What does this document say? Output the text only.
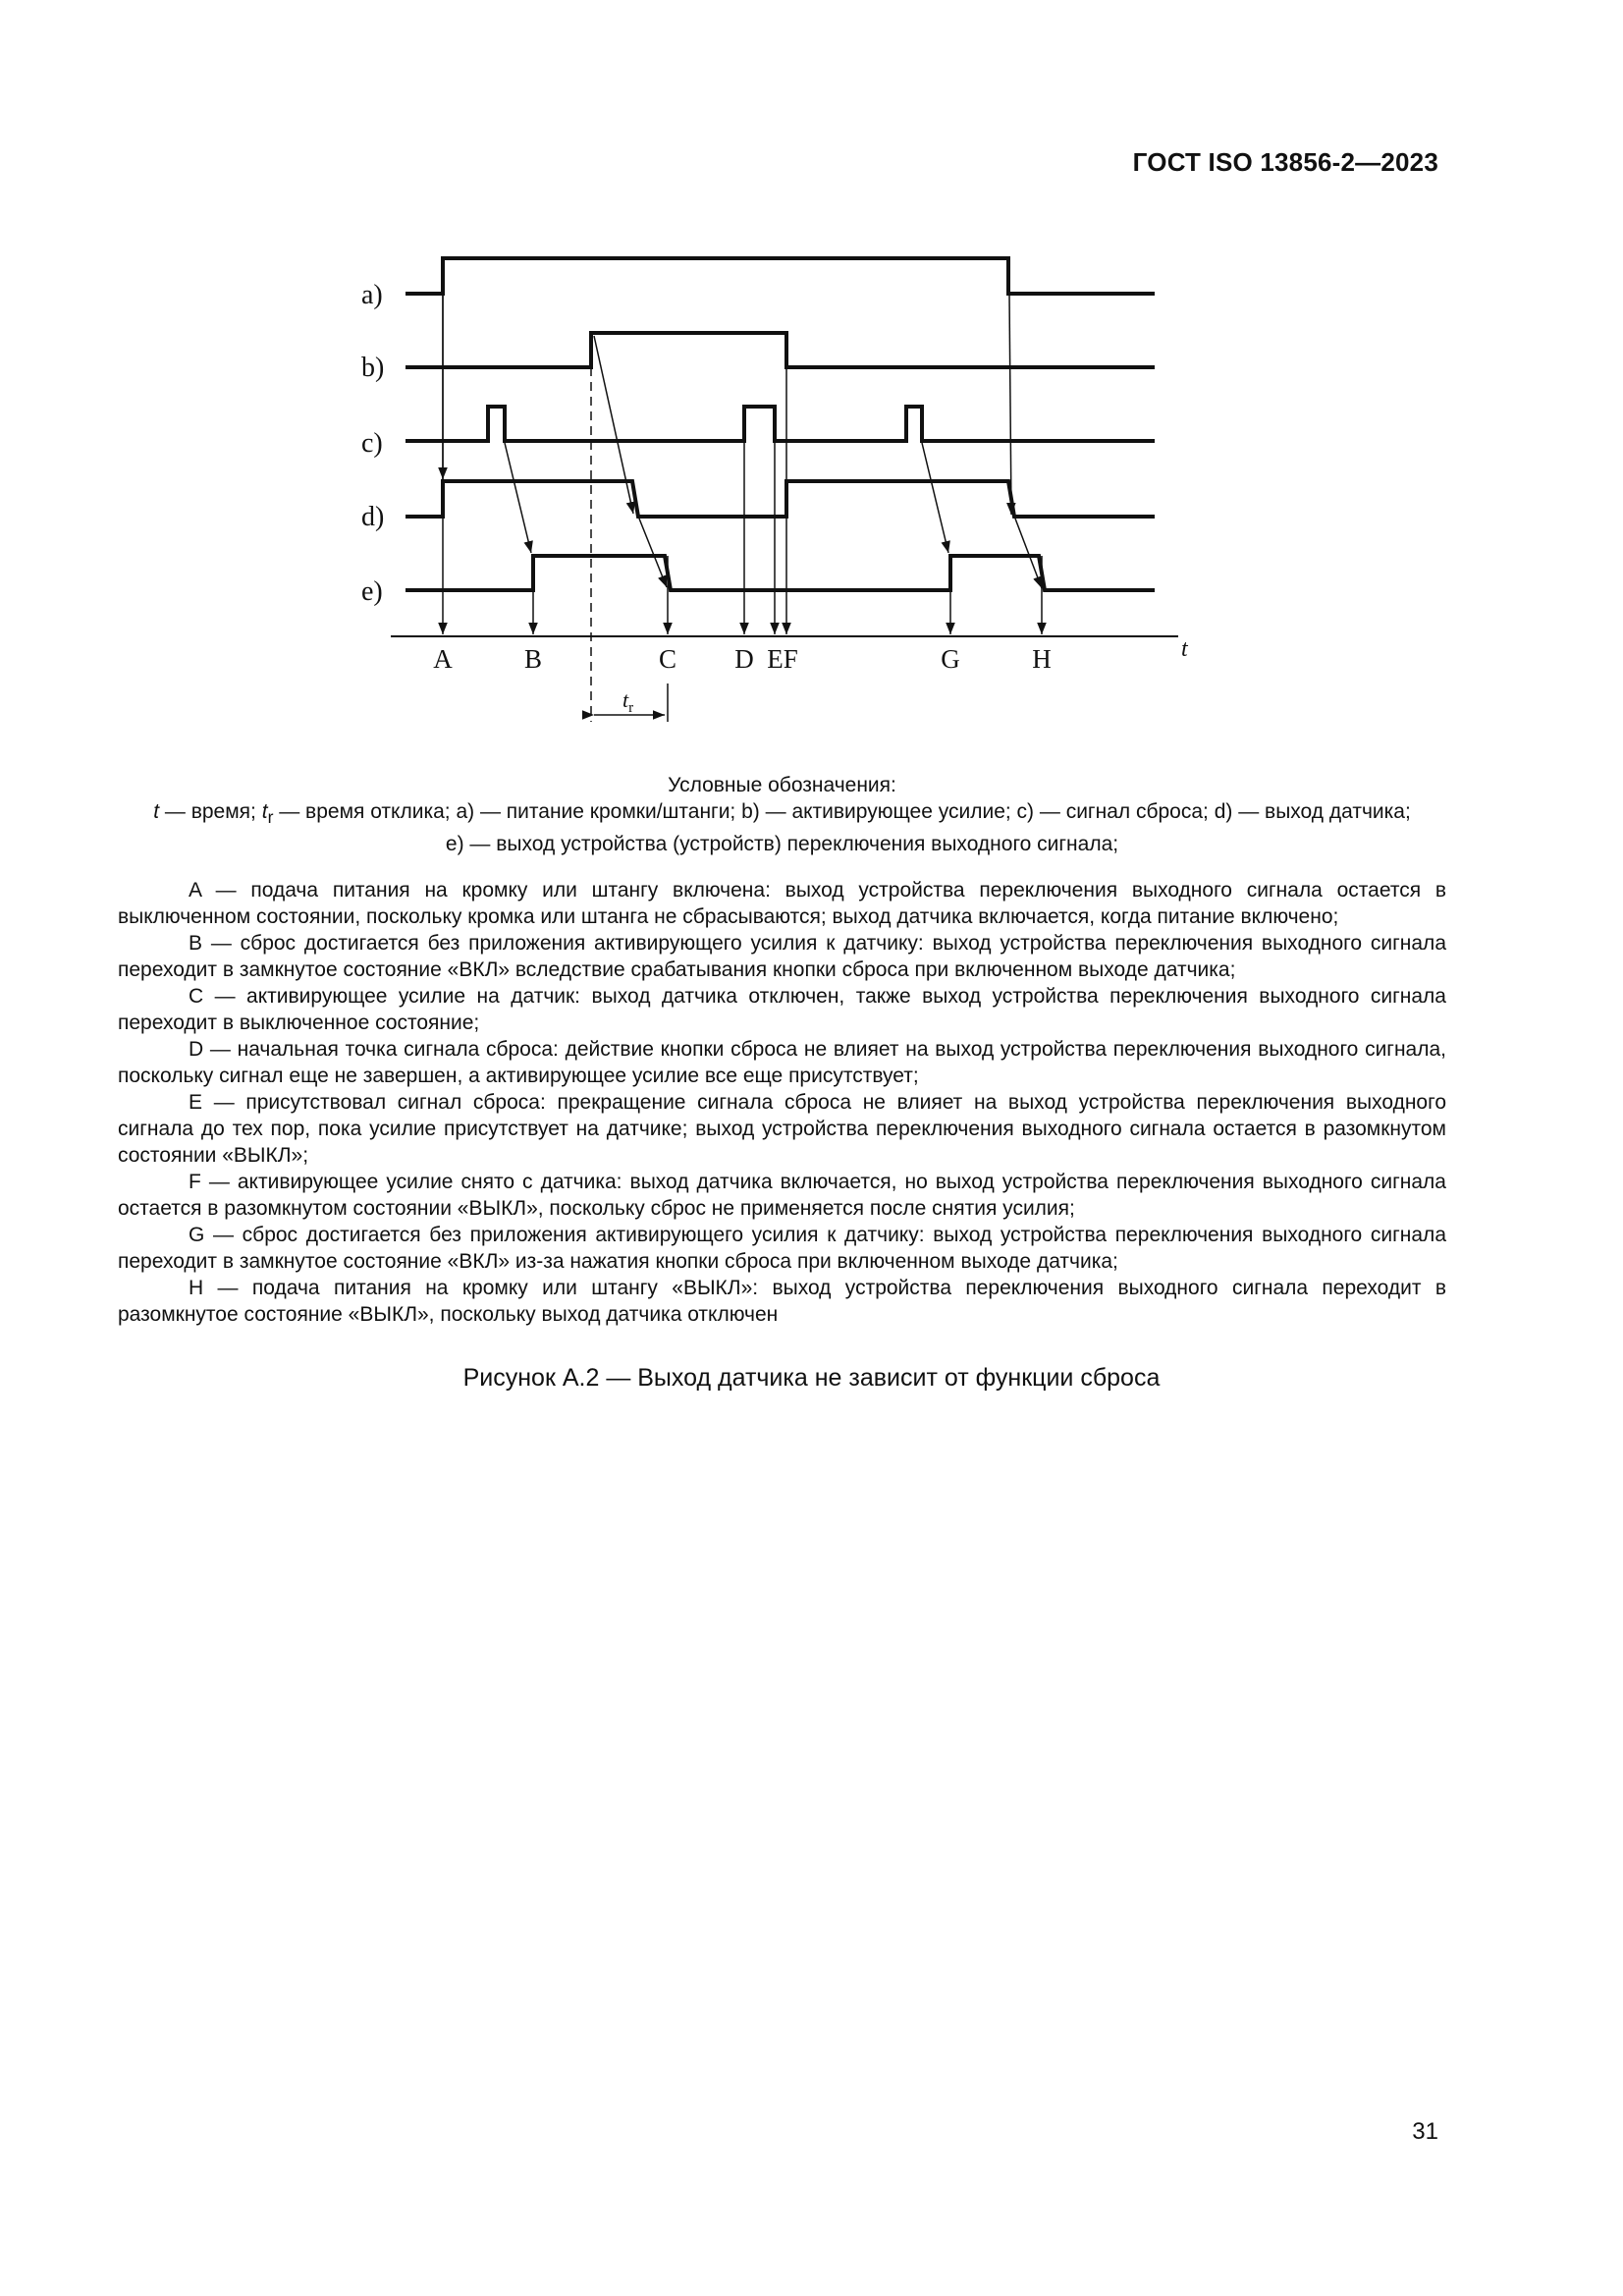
ГОСТ ISO 13856-2—2023
a)
b)
c)
d)
e)
t
A	B	C D EF	G	H
$t_r$
Условные обозначения:
t — время; $t_r$ — время отклика; a) — питание кромки/штанги; b) — активирующее усилие; c) — сигнал сброса; d) — выход датчика;
e) — выход устройства (устройств) переключения выходного сигнала;

A — подача питания на кромку или штангу включена: выход устройства переключения выходного сигнала остается в выключенном состоянии, поскольку кромка или штанга не сбрасываются; выход датчика включается, когда питание включено;

B — сброс достигается без приложения активирующего усилия к датчику: выход устройства переключения выходного сигнала переходит в замкнутое состояние «ВКЛ» вследствие срабатывания кнопки сброса при включенном выходе датчика;

C — активирующее усилие на датчик: выход датчика отключен, также выход устройства переключения выходного сигнала переходит в выключенное состояние;

D — начальная точка сигнала сброса: действие кнопки сброса не влияет на выход устройства переключения выходного сигнала, поскольку сигнал еще не завершен, а активирующее усилие все еще присутствует;

E — присутствовал сигнал сброса: прекращение сигнала сброса не влияет на выход устройства переключения выходного сигнала до тех пор, пока усилие присутствует на датчике; выход устройства переключения выходного сигнала остается в разомкнутом состоянии «ВЫКЛ»;

F — активирующее усилие снято с датчика: выход датчика включается, но выход устройства переключения выходного сигнала остается в разомкнутом состоянии «ВЫКЛ», поскольку сброс не применяется после снятия усилия;

G — сброс достигается без приложения активирующего усилия к датчику: выход устройства переключения выходного сигнала переходит в замкнутое состояние «ВКЛ» из-за нажатия кнопки сброса при включенном выходе датчика;

H — подача питания на кромку или штангу «ВЫКЛ»: выход устройства переключения выходного сигнала переходит в разомкнутое состояние «ВЫКЛ», поскольку выход датчика отключен

Рисунок А.2 — Выход датчика не зависит от функции сброса
31
